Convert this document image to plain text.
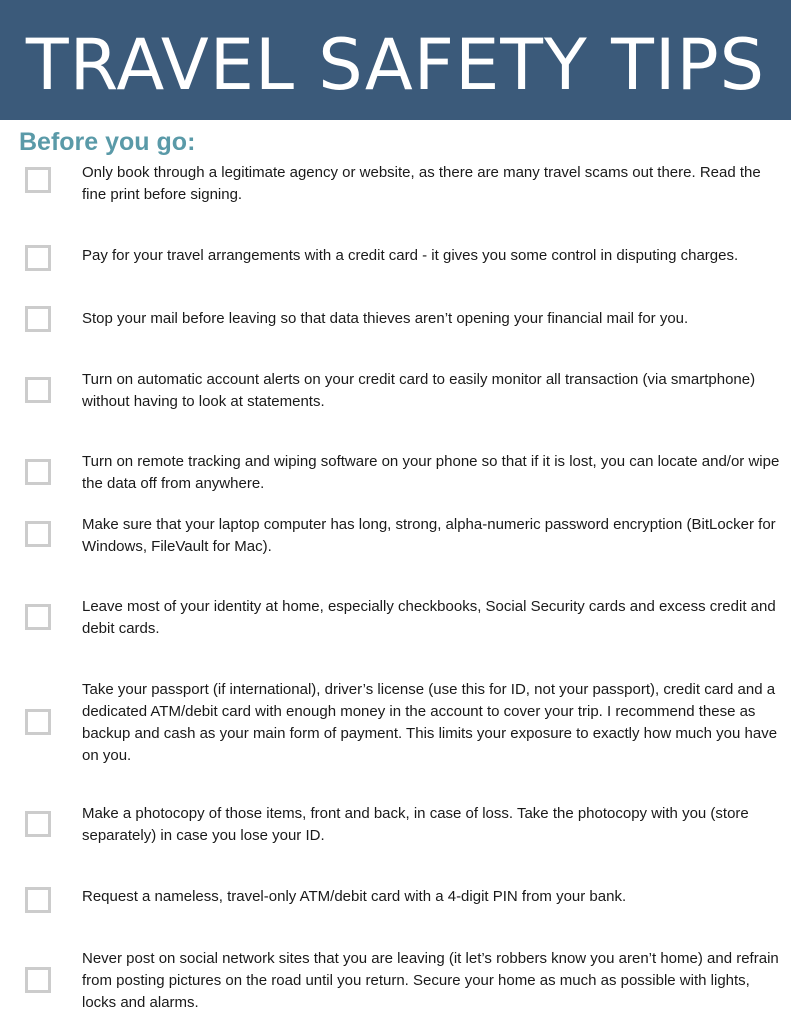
TRAVEL SAFETY TIPS
Before you go:

Only book through a legitimate agency or website, as there are many travel scams out there. Read the fine print before signing.

Pay for your travel arrangements with a credit card - it gives you some control in disputing charges.

Stop your mail before leaving so that data thieves aren’t opening your financial mail for you.

Turn on automatic account alerts on your credit card to easily monitor all transaction (via smartphone) without having to look at statements.

Turn on remote tracking and wiping software on your phone so that if it is lost, you can locate and/or wipe the data off from anywhere.

Make sure that your laptop computer has long, strong, alpha-numeric password encryption (BitLocker for Windows, FileVault for Mac).

Leave most of your identity at home, especially checkbooks, Social Security cards and excess credit and debit cards.

Take your passport (if international), driver’s license (use this for ID, not your passport), credit card and a dedicated ATM/debit card with enough money in the account to cover your trip. I recommend these as backup and cash as your main form of payment. This limits your exposure to exactly how much you have on you.

Make a photocopy of those items, front and back, in case of loss. Take the photocopy with you (store separately) in case you lose your ID.

Request a nameless, travel-only ATM/debit card with a 4-digit PIN from your bank.

Never post on social network sites that you are leaving (it let’s robbers know you aren’t home) and refrain from posting pictures on the road until you return. Secure your home as much as possible with lights, locks and alarms.
